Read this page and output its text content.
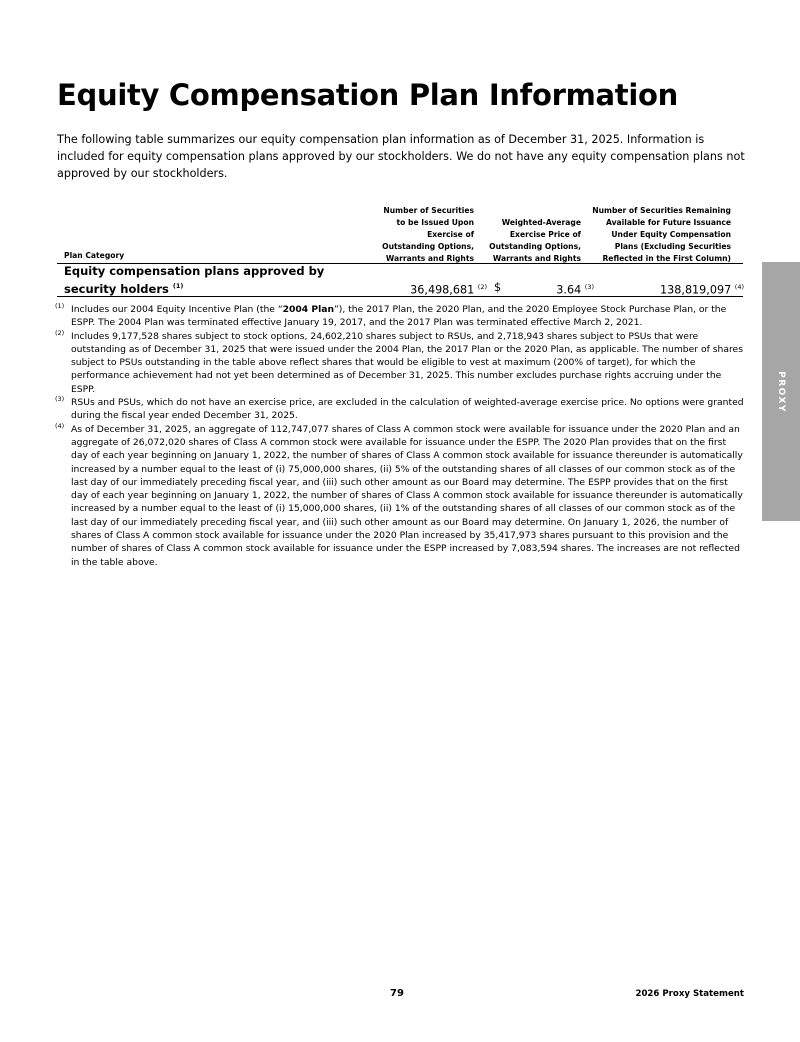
Equity Compensation Plan Information

The following table summarizes our equity compensation plan information as of December 31, 2025. Information is included for equity compensation plans approved by our stockholders. We do not have any equity compensation plans not approved by our stockholders.

Plan Category
Number of Securities
to be Issued Upon
Exercise of
Outstanding Options,
Warrants and Rights
Weighted-Average
Exercise Price of
Outstanding Options,
Warrants and Rights
Number of Securities Remaining
Available for Future Issuance
Under Equity Compensation
Plans (Excluding Securities
Reflected in the First Column)
Equity compensation plans approved by security holders $^{(1)}$	36,498,681 $^{(2)}$ $	3.64 $^{(3)}$	138,819,097 $^{(4)}$
(1) Includes our 2004 Equity Incentive Plan (the “2004 Plan”), the 2017 Plan, the 2020 Plan, and the 2020 Employee Stock Purchase Plan, or the ESPP. The 2004 Plan was terminated effective January 19, 2017, and the 2017 Plan was terminated effective March 2, 2021.
(2) Includes 9,177,528 shares subject to stock options, 24,602,210 shares subject to RSUs, and 2,718,943 shares subject to PSUs that were outstanding as of December 31, 2025 that were issued under the 2004 Plan, the 2017 Plan or the 2020 Plan, as applicable. The number of shares subject to PSUs outstanding in the table above reflect shares that would be eligible to vest at maximum (200% of target), for which the performance achievement had not yet been determined as of December 31, 2025. This number excludes purchase rights accruing under the ESPP.
(3) RSUs and PSUs, which do not have an exercise price, are excluded in the calculation of weighted-average exercise price. No options were granted during the fiscal year ended December 31, 2025.
(4) As of December 31, 2025, an aggregate of 112,747,077 shares of Class A common stock were available for issuance under the 2020 Plan and an aggregate of 26,072,020 shares of Class A common stock were available for issuance under the ESPP. The 2020 Plan provides that on the first day of each year beginning on January 1, 2022, the number of shares of Class A common stock available for issuance thereunder is automatically increased by a number equal to the least of (i) 75,000,000 shares, (ii) 5% of the outstanding shares of all classes of our common stock as of the last day of our immediately preceding fiscal year, and (iii) such other amount as our Board may determine. The ESPP provides that on the first day of each year beginning on January 1, 2022, the number of shares of Class A common stock available for issuance thereunder is automatically increased by a number equal to the least of (i) 15,000,000 shares, (ii) 1% of the outstanding shares of all classes of our common stock as of the last day of our immediately preceding fiscal year, and (iii) such other amount as our Board may determine. On January 1, 2026, the number of shares of Class A common stock available for issuance under the 2020 Plan increased by 35,417,973 shares pursuant to this provision and the number of shares of Class A common stock available for issuance under the ESPP increased by 7,083,594 shares. The increases are not reflected in the table above.
PROXY
79	2026 Proxy Statement
